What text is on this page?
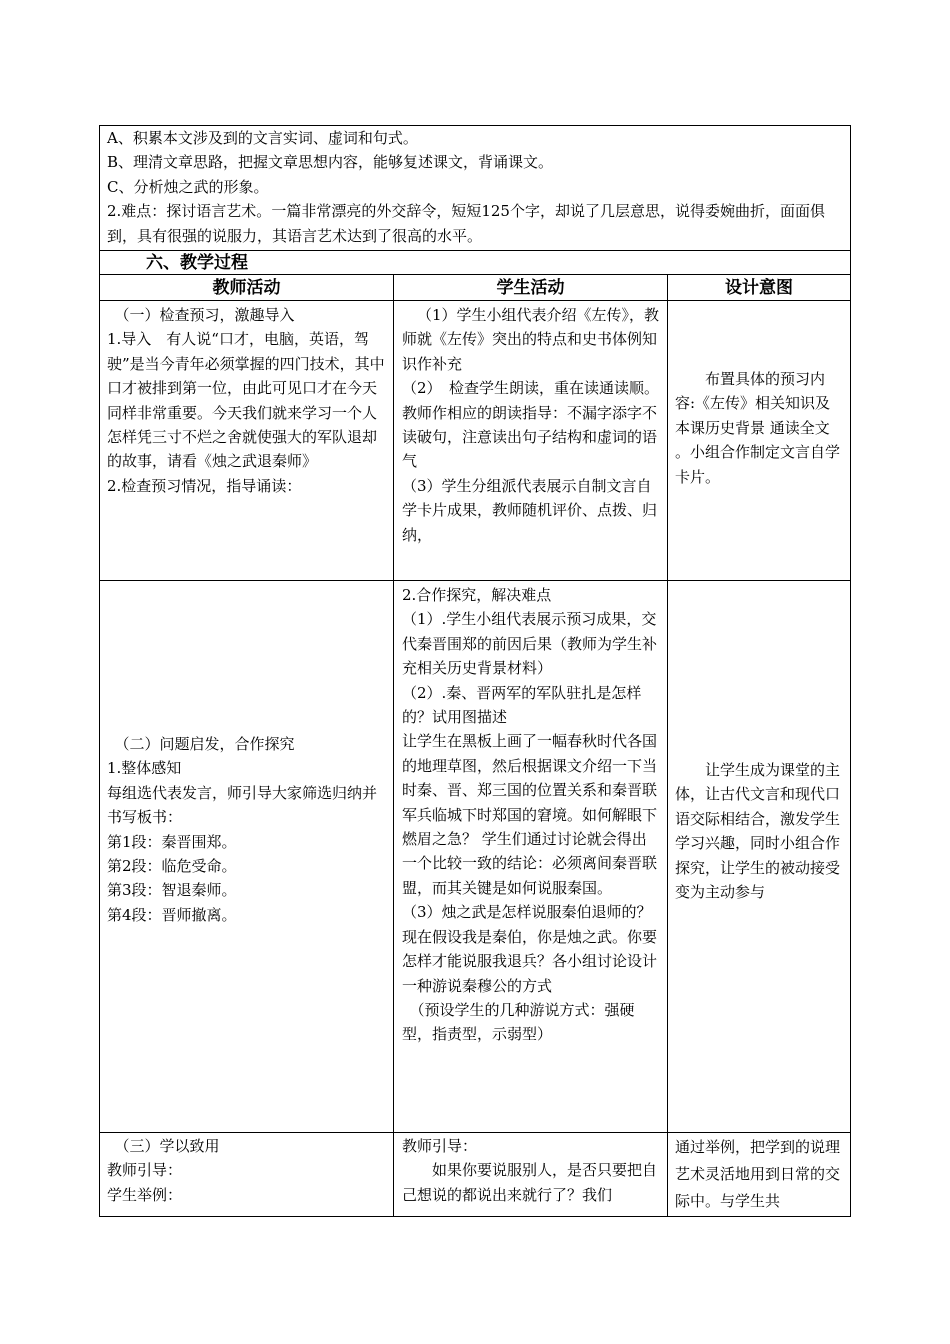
A、积累本文涉及到的文言实词、虚词和句式。

B、理清文章思路，把握文章思想内容，能够复述课文，背诵课文。

C、分析烛之武的形象。

2.难点：探讨语言艺术。一篇非常漂亮的外交辞令，短短125个字，却说了几层意思，说得委婉曲折，面面俱到，具有很强的说服力，其语言艺术达到了很高的水平。

六、教学过程
教师活动	学生活动	设计意图

（一）检查预习，激趣导入

1.导入　有人说“口才，电脑，英语，驾驶”是当今青年必须掌握的四门技术，其中口才被排到第一位，由此可见口才在今天同样非常重要。今天我们就来学习一个人怎样凭三寸不烂之舍就使强大的军队退却的故事，请看《烛之武退秦师》

2.检查预习情况，指导诵读：

（1）学生小组代表介绍《左传》，教师就《左传》突出的特点和史书体例知识作补充

（2）　检查学生朗读，重在读通读顺。教师作相应的朗读指导：不漏字添字不读破句，注意读出句子结构和虚词的语气

（3）学生分组派代表展示自制文言自学卡片成果，教师随机评价、点拨、归纳，

布置具体的预习内容:《左传》相关知识及本课历史背景 通读全文 。小组合作制定文言自学卡片。

（二）问题启发，合作探究

1.整体感知

每组选代表发言，师引导大家筛选归纳并书写板书：

第1段：秦晋围郑。

第2段：临危受命。

第3段：智退秦师。

第4段：晋师撤离。

2.合作探究，解决难点

（1）.学生小组代表展示预习成果，交代秦晋围郑的前因后果（教师为学生补充相关历史背景材料）

（2）.秦、晋两军的军队驻扎是怎样的？试用图描述

让学生在黑板上画了一幅春秋时代各国的地理草图，然后根据课文介绍一下当时秦、晋、郑三国的位置关系和秦晋联军兵临城下时郑国的窘境。如何解眼下燃眉之急？ 学生们通过讨论就会得出一个比较一致的结论：必须离间秦晋联盟，而其关键是如何说服秦国。

（3）烛之武是怎样说服秦伯退师的？ 现在假设我是秦伯，你是烛之武。你要怎样才能说服我退兵？各小组讨论设计一种游说秦穆公的方式

（预设学生的几种游说方式：强硬型，指责型，示弱型）

让学生成为课堂的主体，让古代文言和现代口语交际相结合，激发学生学习兴趣，同时小组合作探究，让学生的被动接受变为主动参与

（三）学以致用

教师引导：

学生举例：

教师引导：

如果你要说服别人，是否只要把自己想说的都说出来就行了？我们

通过举例，把学到的说理艺术灵活地用到日常的交际中。与学生共
